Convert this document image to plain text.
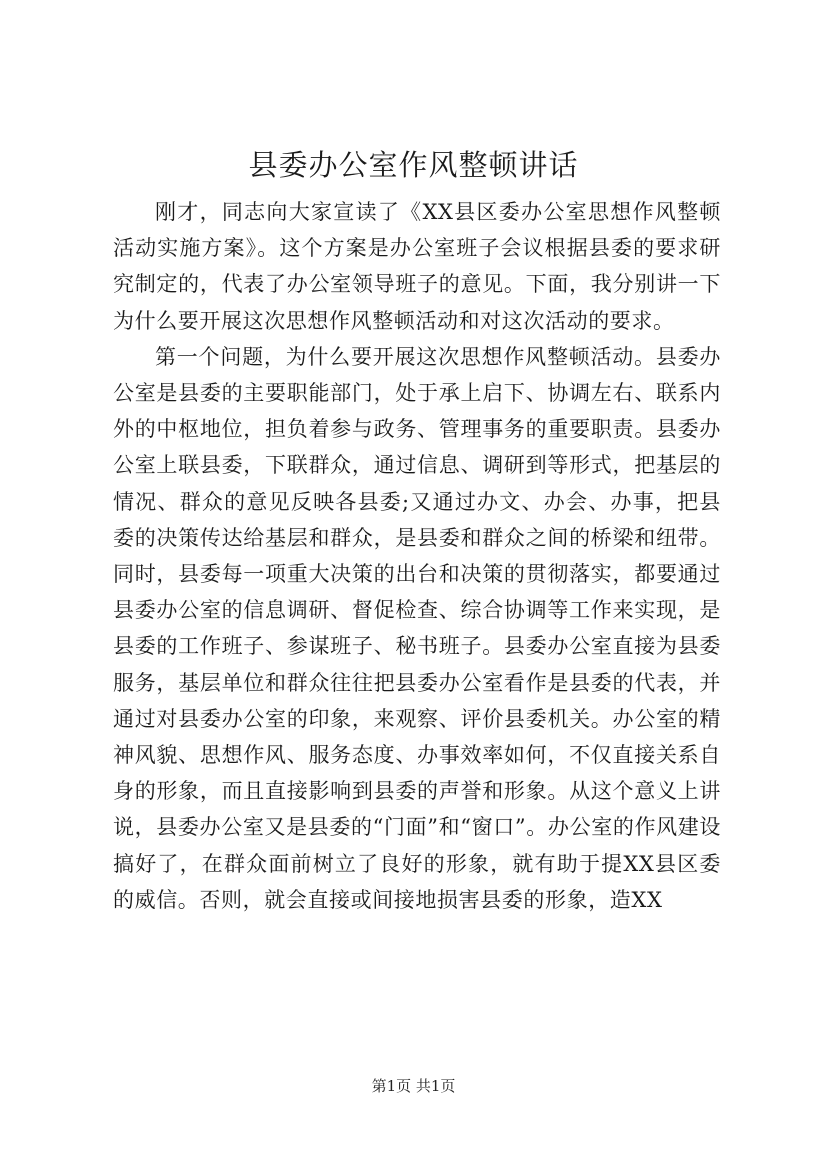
县委办公室作风整顿讲话

刚才，同志向大家宣读了《XX县区委办公室思想作风整顿活动实施方案》。这个方案是办公室班子会议根据县委的要求研究制定的，代表了办公室领导班子的意见。下面，我分别讲一下为什么要开展这次思想作风整顿活动和对这次活动的要求。

第一个问题，为什么要开展这次思想作风整顿活动。县委办公室是县委的主要职能部门，处于承上启下、协调左右、联系内外的中枢地位，担负着参与政务、管理事务的重要职责。县委办公室上联县委，下联群众，通过信息、调研到等形式，把基层的情况、群众的意见反映各县委;又通过办文、办会、办事，把县委的决策传达给基层和群众，是县委和群众之间的桥梁和纽带。同时，县委每一项重大决策的出台和决策的贯彻落实，都要通过县委办公室的信息调研、督促检查、综合协调等工作来实现，是县委的工作班子、参谋班子、秘书班子。县委办公室直接为县委服务，基层单位和群众往往把县委办公室看作是县委的代表，并通过对县委办公室的印象，来观察、评价县委机关。办公室的精神风貌、思想作风、服务态度、办事效率如何，不仅直接关系自身的形象，而且直接影响到县委的声誉和形象。从这个意义上讲说，县委办公室又是县委的“门面”和“窗口”。办公室的作风建设搞好了，在群众面前树立了良好的形象，就有助于提XX县区委的威信。否则，就会直接或间接地损害县委的形象，造XX

第1页 共1页
